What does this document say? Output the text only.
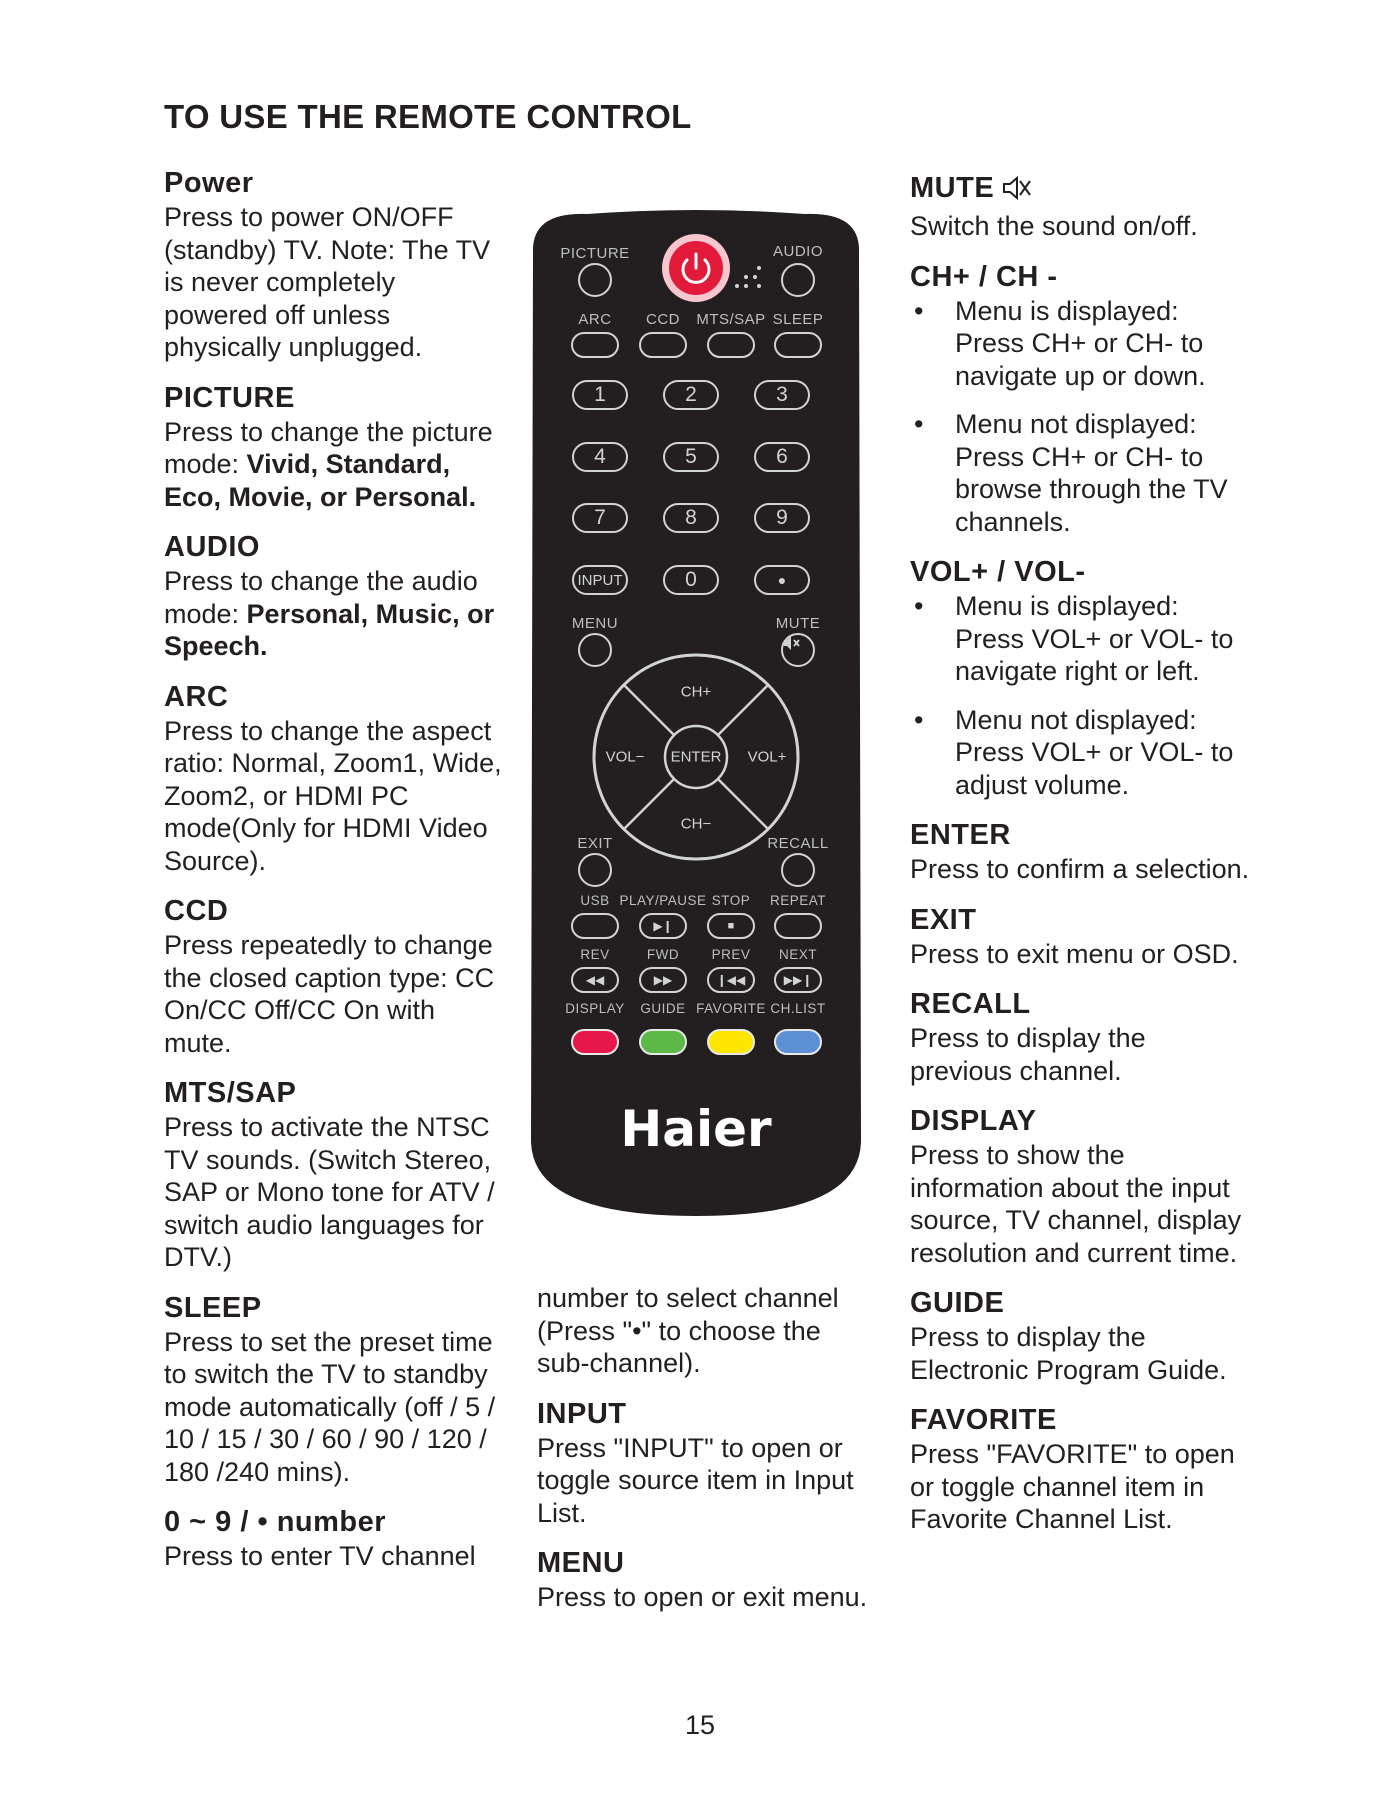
TO USE THE REMOTE CONTROL

Power

Press to power ON/OFF (standby) TV. Note: The TV is never completely powered off unless physically unplugged.

PICTURE

Press to change the picture mode: Vivid, Standard, Eco, Movie, or Personal.

AUDIO

Press to change the audio mode: Personal, Music, or Speech.

ARC

Press to change the aspect ratio: Normal, Zoom1, Wide, Zoom2, or HDMI PC mode(Only for HDMI Video Source).

CCD

Press repeatedly to change the closed caption type: CC On/CC Off/CC On with mute.

MTS/SAP

Press to activate the NTSC TV sounds. (Switch Stereo, SAP or Mono tone for ATV / switch audio languages for DTV.)

SLEEP

Press to set the preset time to switch the TV to standby mode automatically (off / 5 / 10 / 15 / 30 / 60 / 90 / 120 / 180 /240 mins).

0 ~ 9 / • number

Press to enter TV channel

number to select channel (Press "•" to choose the sub-channel).

INPUT

Press "INPUT" to open or toggle source item in Input List.

MENU

Press to open or exit menu.

MUTE

Switch the sound on/off.

CH+ / CH -

• Menu is displayed: Press CH+ or CH- to navigate up or down.
• Menu not displayed: Press CH+ or CH- to browse through the TV channels.

VOL+ / VOL-

• Menu is displayed: Press VOL+ or VOL- to navigate right or left.
• Menu not displayed: Press VOL+ or VOL- to adjust volume.

ENTER

Press to confirm a selection.

EXIT

Press to exit menu or OSD.

RECALL

Press to display the previous channel.

DISPLAY

Press to show the information about the input source, TV channel, display resolution and current time.

GUIDE

Press to display the Electronic Program Guide.

FAVORITE

Press "FAVORITE" to open or toggle channel item in Favorite Channel List.

PICTURE	AUDIO
ARC CCD MTS/SAP SLEEP
1	2	3
4	5	6
7	8	9
INPUT	0	●
MENU	MUTE
CH+
CH−
VOL−	VOL+
ENTER
EXIT	RECALL
USB PLAY/PAUSE STOP REPEAT
▶❙	■
REV	FWD PREV NEXT
◀◀	▶▶	❙◀◀	▶▶❙
DISPLAY GUIDE FAVORITE CH.LIST
Haier
15
